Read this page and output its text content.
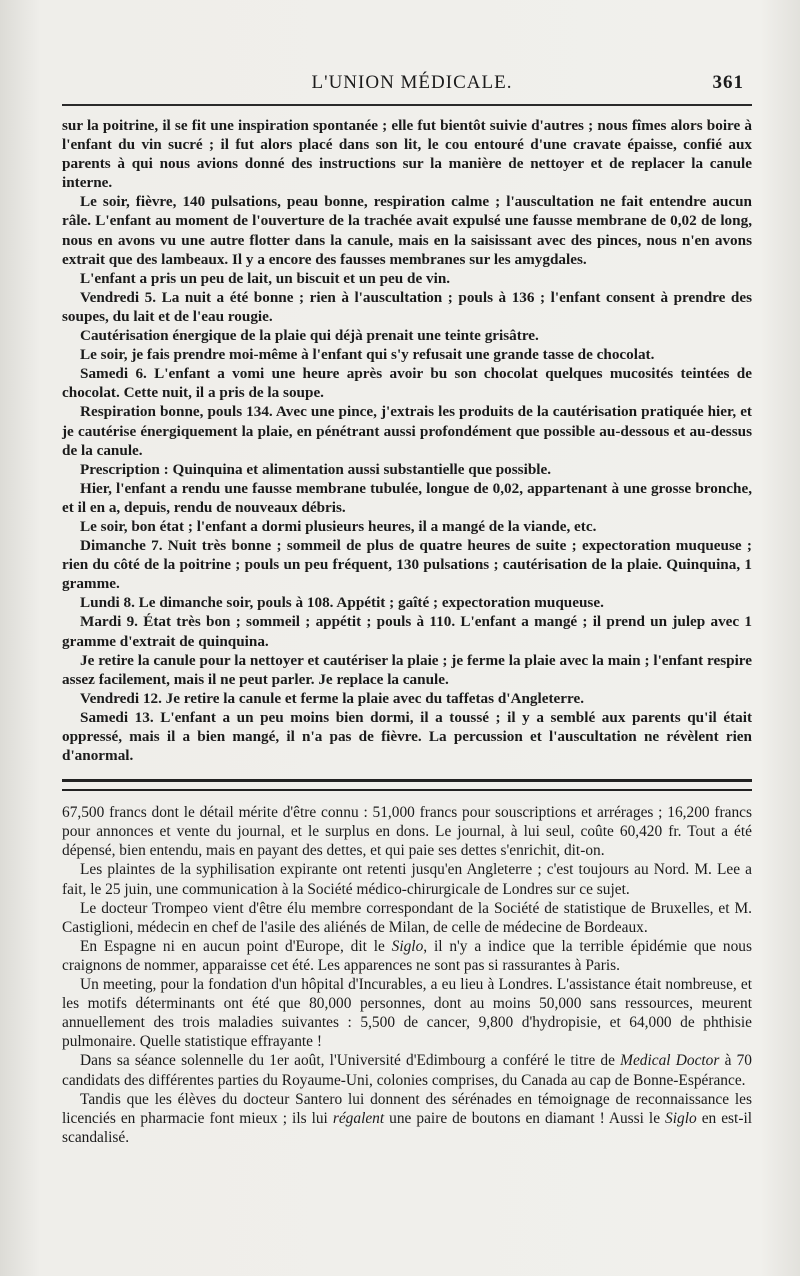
L'UNION MÉDICALE.	361

sur la poitrine, il se fit une inspiration spontanée ; elle fut bientôt suivie d'autres ; nous fîmes alors boire à l'enfant du vin sucré ; il fut alors placé dans son lit, le cou entouré d'une cravate épaisse, confié aux parents à qui nous avions donné des instructions sur la manière de nettoyer et de replacer la canule interne.

Le soir, fièvre, 140 pulsations, peau bonne, respiration calme ; l'auscultation ne fait entendre aucun râle. L'enfant au moment de l'ouverture de la trachée avait expulsé une fausse membrane de 0,02 de long, nous en avons vu une autre flotter dans la canule, mais en la saisissant avec des pinces, nous n'en avons extrait que des lambeaux. Il y a encore des fausses membranes sur les amygdales.

L'enfant a pris un peu de lait, un biscuit et un peu de vin.

Vendredi 5. La nuit a été bonne ; rien à l'auscultation ; pouls à 136 ; l'enfant consent à prendre des soupes, du lait et de l'eau rougie.

Cautérisation énergique de la plaie qui déjà prenait une teinte grisâtre.

Le soir, je fais prendre moi-même à l'enfant qui s'y refusait une grande tasse de chocolat.

Samedi 6. L'enfant a vomi une heure après avoir bu son chocolat quelques mucosités teintées de chocolat. Cette nuit, il a pris de la soupe.

Respiration bonne, pouls 134. Avec une pince, j'extrais les produits de la cautérisation pratiquée hier, et je cautérise énergiquement la plaie, en pénétrant aussi profondément que possible au-dessous et au-dessus de la canule.

Prescription : Quinquina et alimentation aussi substantielle que possible.

Hier, l'enfant a rendu une fausse membrane tubulée, longue de 0,02, appartenant à une grosse bronche, et il en a, depuis, rendu de nouveaux débris.

Le soir, bon état ; l'enfant a dormi plusieurs heures, il a mangé de la viande, etc.

Dimanche 7. Nuit très bonne ; sommeil de plus de quatre heures de suite ; expectoration muqueuse ; rien du côté de la poitrine ; pouls un peu fréquent, 130 pulsations ; cautérisation de la plaie. Quinquina, 1 gramme.

Lundi 8. Le dimanche soir, pouls à 108. Appétit ; gaîté ; expectoration muqueuse.

Mardi 9. État très bon ; sommeil ; appétit ; pouls à 110. L'enfant a mangé ; il prend un julep avec 1 gramme d'extrait de quinquina.

Je retire la canule pour la nettoyer et cautériser la plaie ; je ferme la plaie avec la main ; l'enfant respire assez facilement, mais il ne peut parler. Je replace la canule.

Vendredi 12. Je retire la canule et ferme la plaie avec du taffetas d'Angleterre.

Samedi 13. L'enfant a un peu moins bien dormi, il a toussé ; il y a semblé aux parents qu'il était oppressé, mais il a bien mangé, il n'a pas de fièvre. La percussion et l'auscultation ne révèlent rien d'anormal.

67,500 francs dont le détail mérite d'être connu : 51,000 francs pour souscriptions et arrérages ; 16,200 francs pour annonces et vente du journal, et le surplus en dons. Le journal, à lui seul, coûte 60,420 fr. Tout a été dépensé, bien entendu, mais en payant des dettes, et qui paie ses dettes s'enrichit, dit-on.

Les plaintes de la syphilisation expirante ont retenti jusqu'en Angleterre ; c'est toujours au Nord. M. Lee a fait, le 25 juin, une communication à la Société médico-chirurgicale de Londres sur ce sujet.

Le docteur Trompeo vient d'être élu membre correspondant de la Société de statistique de Bruxelles, et M. Castiglioni, médecin en chef de l'asile des aliénés de Milan, de celle de médecine de Bordeaux.

En Espagne ni en aucun point d'Europe, dit le Siglo, il n'y a indice que la terrible épidémie que nous craignons de nommer, apparaisse cet été. Les apparences ne sont pas si rassurantes à Paris.

Un meeting, pour la fondation d'un hôpital d'Incurables, a eu lieu à Londres. L'assistance était nombreuse, et les motifs déterminants ont été que 80,000 personnes, dont au moins 50,000 sans ressources, meurent annuellement des trois maladies suivantes : 5,500 de cancer, 9,800 d'hydropisie, et 64,000 de phthisie pulmonaire. Quelle statistique effrayante !

Dans sa séance solennelle du 1er août, l'Université d'Edimbourg a conféré le titre de Medical Doctor à 70 candidats des différentes parties du Royaume-Uni, colonies comprises, du Canada au cap de Bonne-Espérance.

Tandis que les élèves du docteur Santero lui donnent des sérénades en témoignage de reconnaissance les licenciés en pharmacie font mieux ; ils lui régalent une paire de boutons en diamant ! Aussi le Siglo en est-il scandalisé.
